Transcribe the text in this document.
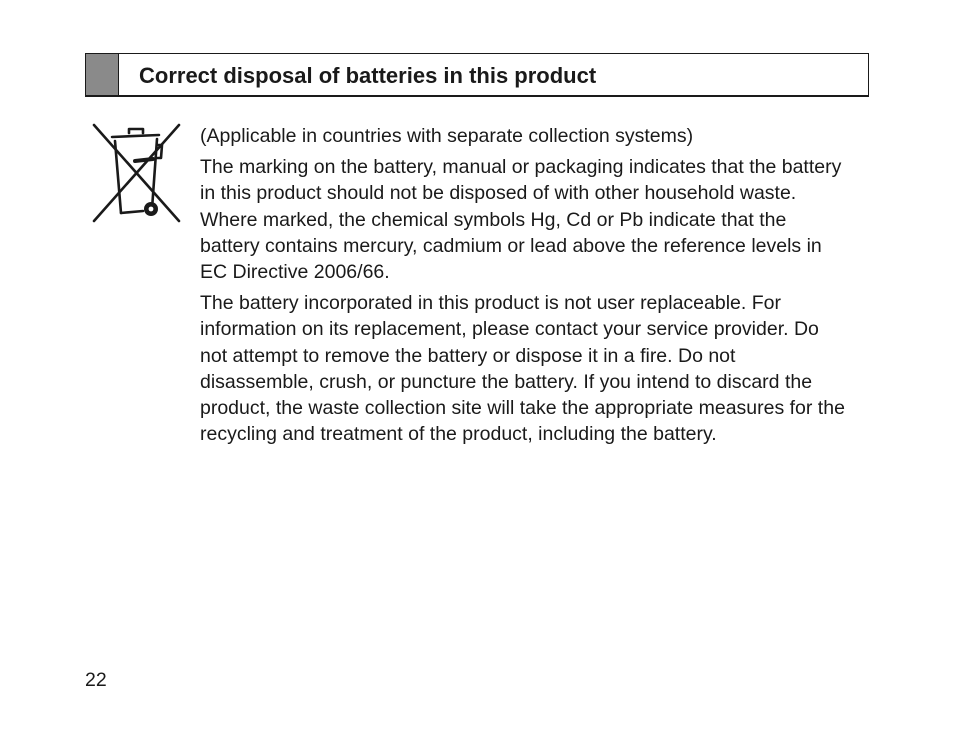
Correct disposal of batteries in this product

(Applicable in countries with separate collection systems)

The marking on the battery, manual or packaging indicates that the battery in this product should not be disposed of with other household waste. Where marked, the chemical symbols Hg, Cd or Pb indicate that the battery contains mercury, cadmium or lead above the reference levels in EC Directive 2006/66.

The battery incorporated in this product is not user replaceable. For information on its replacement, please contact your service provider. Do not attempt to remove the battery or dispose it in a fire. Do not disassemble, crush, or puncture the battery. If you intend to discard the product, the waste collection site will take the appropriate measures for the recycling and treatment of the product, including the battery.

22
